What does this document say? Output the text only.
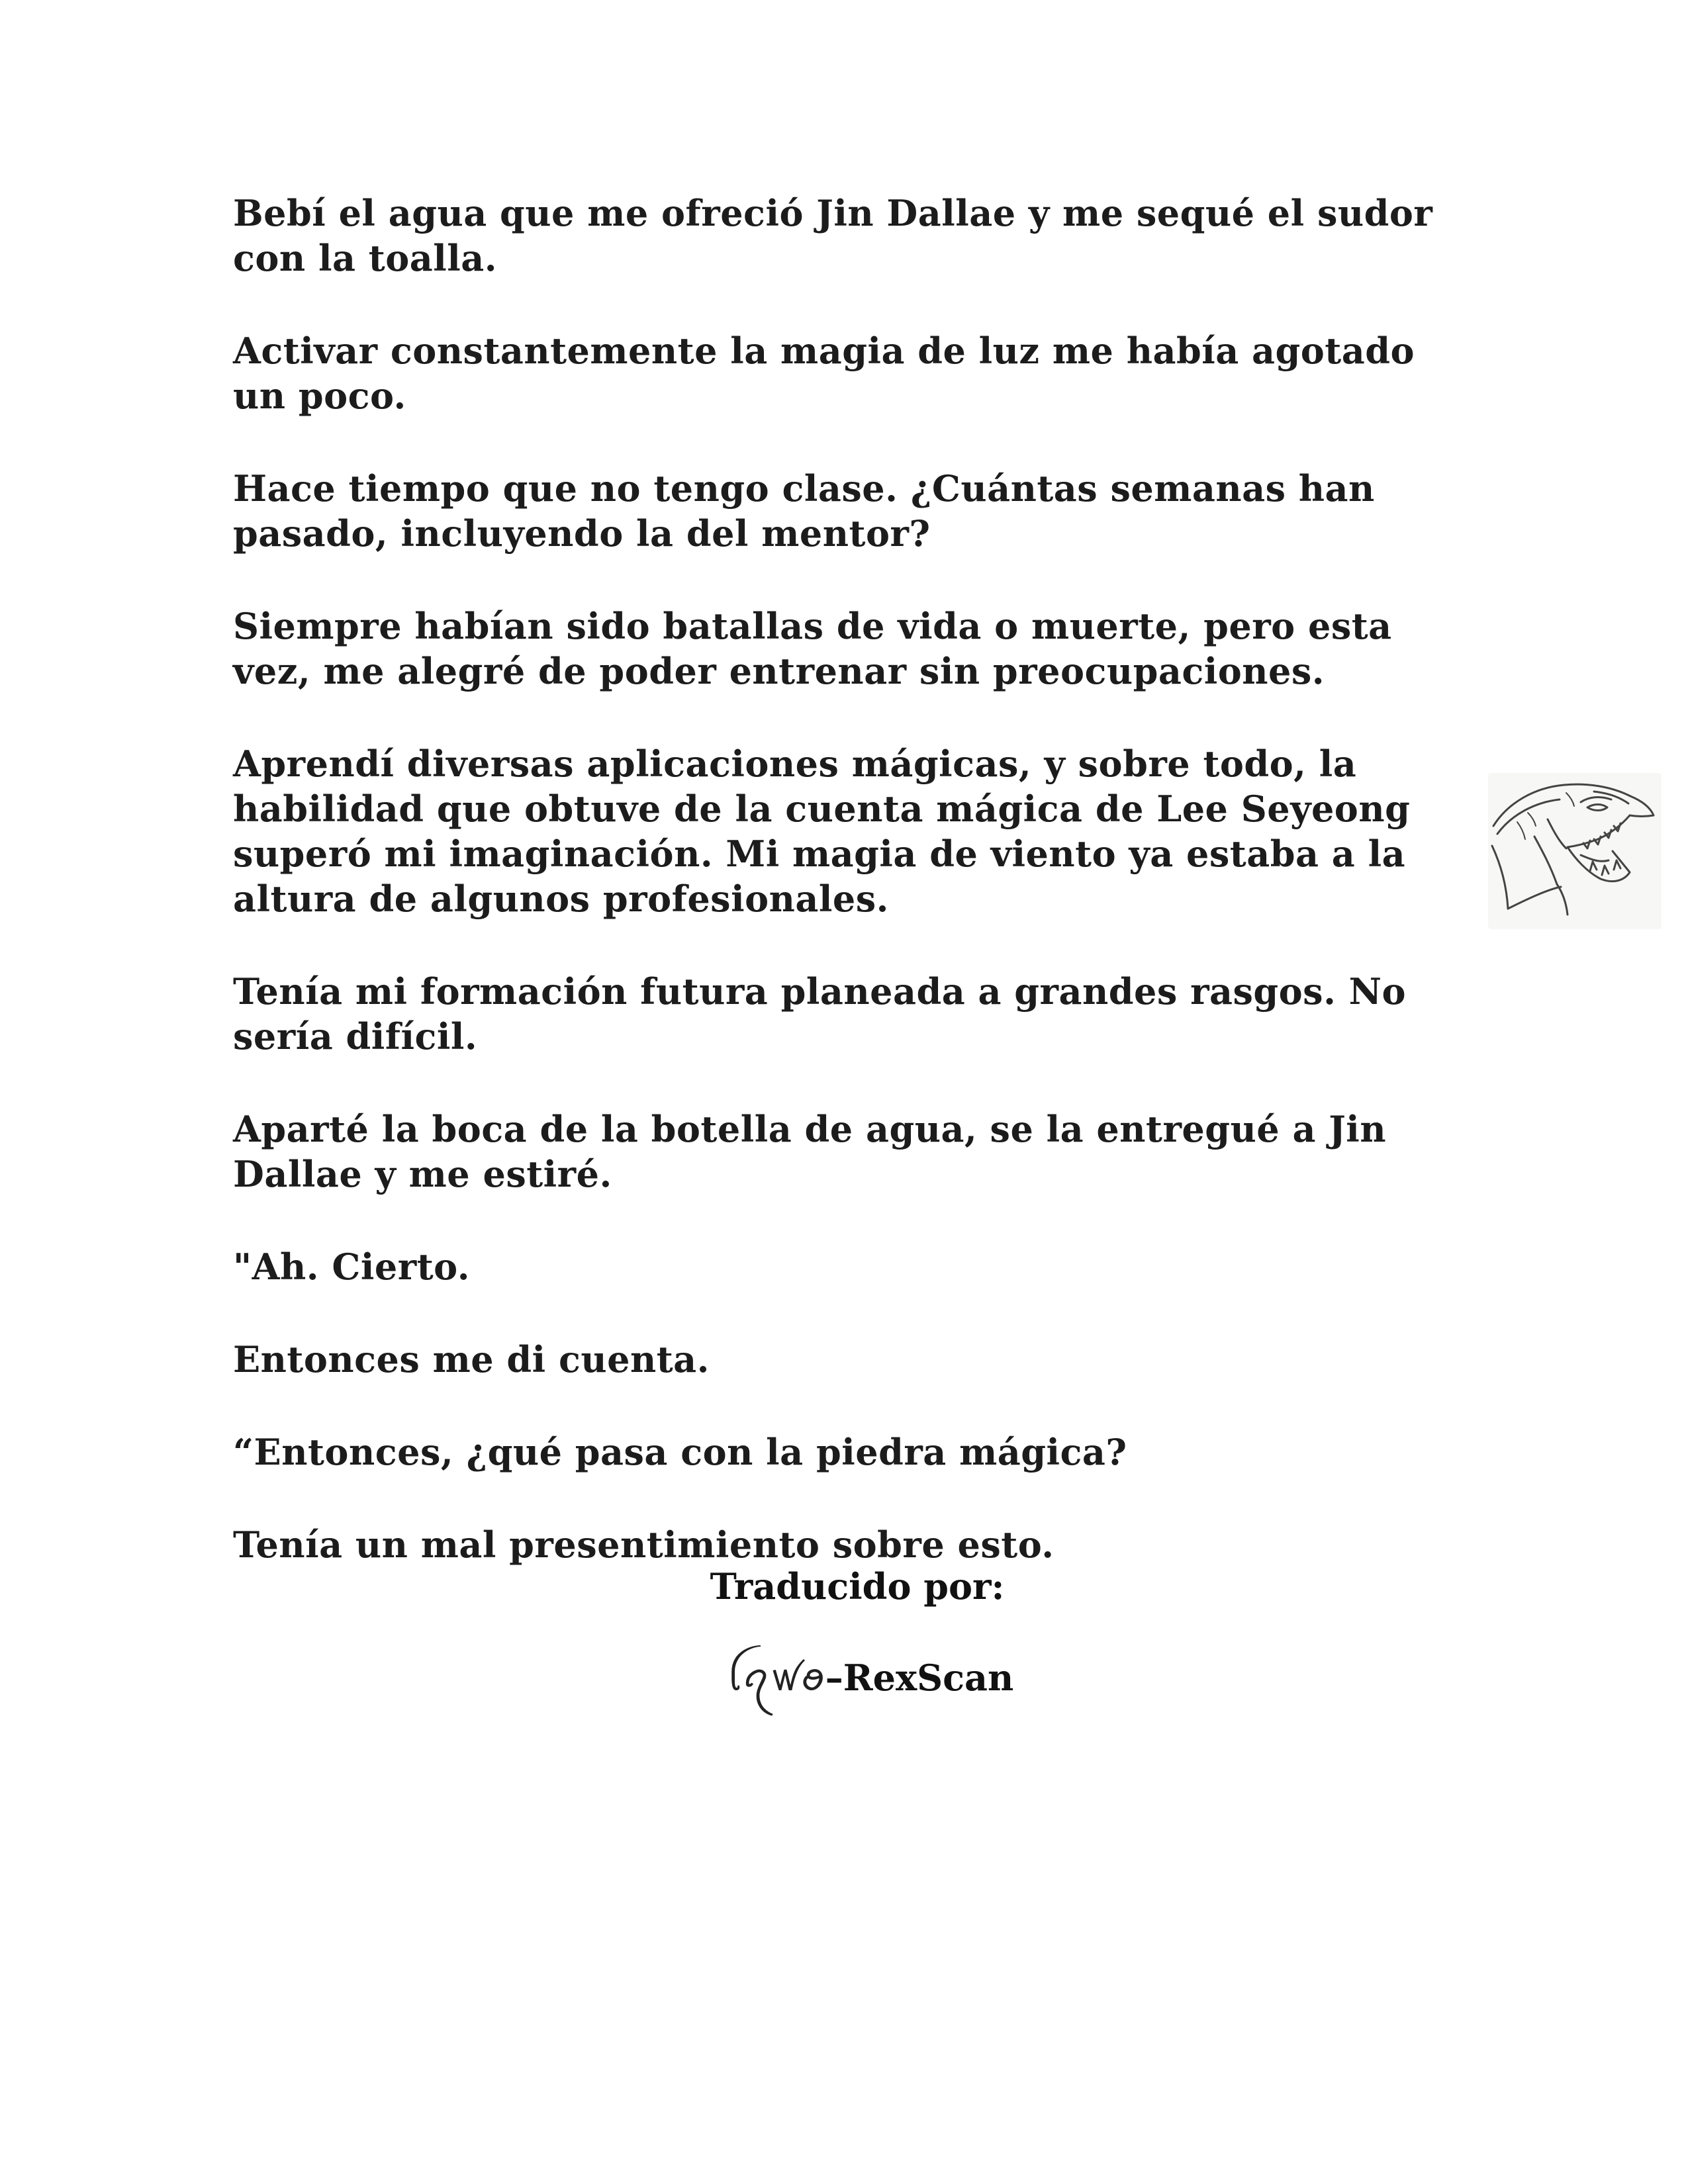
Bebí el agua que me ofreció Jin Dallae y me sequé el sudor con la toalla.

Activar constantemente la magia de luz me había agotado un poco.

Hace tiempo que no tengo clase. ¿Cuántas semanas han pasado, incluyendo la del mentor?

Siempre habían sido batallas de vida o muerte, pero esta vez, me alegré de poder entrenar sin preocupaciones.

Aprendí diversas aplicaciones mágicas, y sobre todo, la habilidad que obtuve de la cuenta mágica de Lee Seyeong superó mi imaginación. Mi magia de viento ya estaba a la altura de algunos profesionales.

Tenía mi formación futura planeada a grandes rasgos. No sería difícil.

Aparté la boca de la botella de agua, se la entregué a Jin Dallae y me estiré.

"Ah. Cierto.

Entonces me di cuenta.

“Entonces, ¿qué pasa con la piedra mágica?

Tenía un mal presentimiento sobre esto.

Traducido por:
ꪶꪖꪝꪮ–RexScan
